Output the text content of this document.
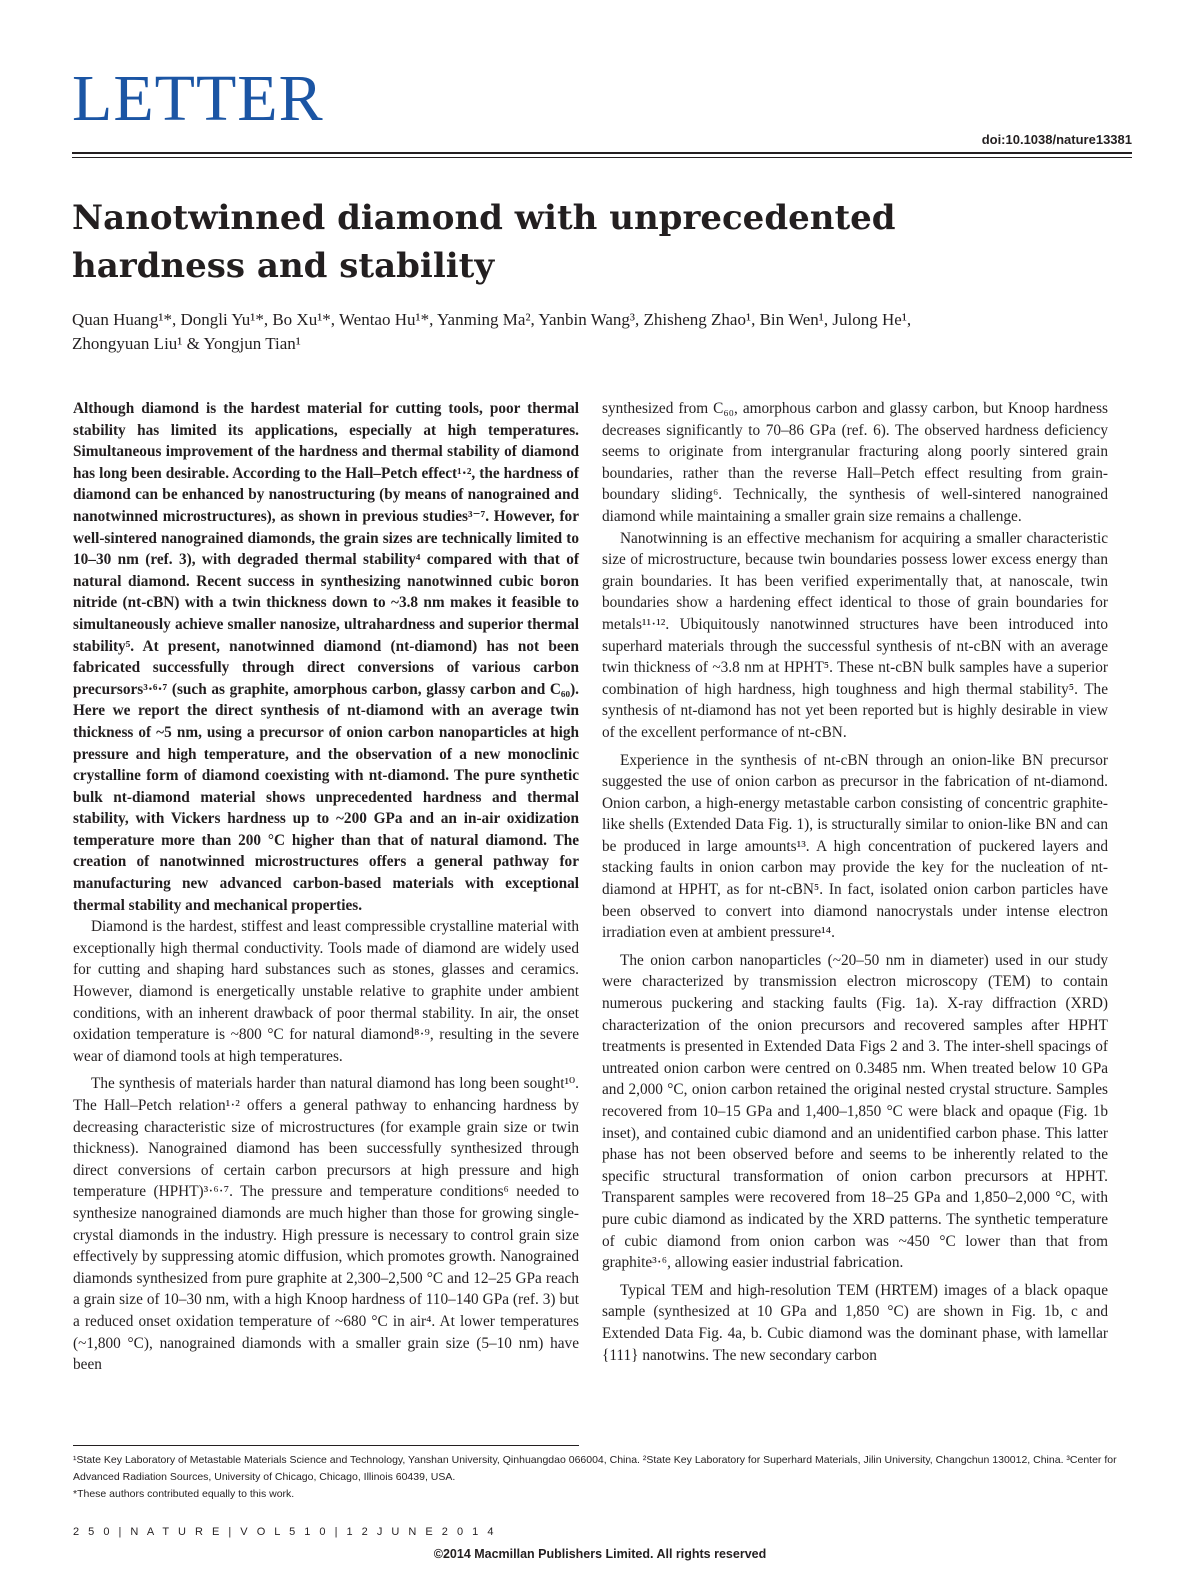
LETTER
doi:10.1038/nature13381
Nanotwinned diamond with unprecedented hardness and stability
Quan Huang¹*, Dongli Yu¹*, Bo Xu¹*, Wentao Hu¹*, Yanming Ma², Yanbin Wang³, Zhisheng Zhao¹, Bin Wen¹, Julong He¹,
Zhongyuan Liu¹ & Yongjun Tian¹

Although diamond is the hardest material for cutting tools, poor thermal stability has limited its applications, especially at high temperatures. Simultaneous improvement of the hardness and thermal stability of diamond has long been desirable. According to the Hall–Petch effect¹·², the hardness of diamond can be enhanced by nanostructuring (by means of nanograined and nanotwinned microstructures), as shown in previous studies³⁻⁷. However, for well-sintered nanograined diamonds, the grain sizes are technically limited to 10–30 nm (ref. 3), with degraded thermal stability⁴ compared with that of natural diamond. Recent success in synthesizing nanotwinned cubic boron nitride (nt-cBN) with a twin thickness down to ~3.8 nm makes it feasible to simultaneously achieve smaller nanosize, ultrahardness and superior thermal stability⁵. At present, nanotwinned diamond (nt-diamond) has not been fabricated successfully through direct conversions of various carbon precursors³·⁶·⁷ (such as graphite, amorphous carbon, glassy carbon and C₆₀). Here we report the direct synthesis of nt-diamond with an average twin thickness of ~5 nm, using a precursor of onion carbon nanoparticles at high pressure and high temperature, and the observation of a new monoclinic crystalline form of diamond coexisting with nt-diamond. The pure synthetic bulk nt-diamond material shows unprecedented hardness and thermal stability, with Vickers hardness up to ~200 GPa and an in-air oxidization temperature more than 200 °C higher than that of natural diamond. The creation of nanotwinned microstructures offers a general pathway for manufacturing new advanced carbon-based materials with exceptional thermal stability and mechanical properties.

Diamond is the hardest, stiffest and least compressible crystalline material with exceptionally high thermal conductivity. Tools made of diamond are widely used for cutting and shaping hard substances such as stones, glasses and ceramics. However, diamond is energetically unstable relative to graphite under ambient conditions, with an inherent drawback of poor thermal stability. In air, the onset oxidation temperature is ~800 °C for natural diamond⁸·⁹, resulting in the severe wear of diamond tools at high temperatures.

The synthesis of materials harder than natural diamond has long been sought¹⁰. The Hall–Petch relation¹·² offers a general pathway to enhancing hardness by decreasing characteristic size of microstructures (for example grain size or twin thickness). Nanograined diamond has been successfully synthesized through direct conversions of certain carbon precursors at high pressure and high temperature (HPHT)³·⁶·⁷. The pressure and temperature conditions⁶ needed to synthesize nanograined diamonds are much higher than those for growing single-crystal diamonds in the industry. High pressure is necessary to control grain size effectively by suppressing atomic diffusion, which promotes growth. Nanograined diamonds synthesized from pure graphite at 2,300–2,500 °C and 12–25 GPa reach a grain size of 10–30 nm, with a high Knoop hardness of 110–140 GPa (ref. 3) but a reduced onset oxidation temperature of ~680 °C in air⁴. At lower temperatures (~1,800 °C), nanograined diamonds with a smaller grain size (5–10 nm) have been

synthesized from C₆₀, amorphous carbon and glassy carbon, but Knoop hardness decreases significantly to 70–86 GPa (ref. 6). The observed hardness deficiency seems to originate from intergranular fracturing along poorly sintered grain boundaries, rather than the reverse Hall–Petch effect resulting from grain-boundary sliding⁶. Technically, the synthesis of well-sintered nanograined diamond while maintaining a smaller grain size remains a challenge.

Nanotwinning is an effective mechanism for acquiring a smaller characteristic size of microstructure, because twin boundaries possess lower excess energy than grain boundaries. It has been verified experimentally that, at nanoscale, twin boundaries show a hardening effect identical to those of grain boundaries for metals¹¹·¹². Ubiquitously nanotwinned structures have been introduced into superhard materials through the successful synthesis of nt-cBN with an average twin thickness of ~3.8 nm at HPHT⁵. These nt-cBN bulk samples have a superior combination of high hardness, high toughness and high thermal stability⁵. The synthesis of nt-diamond has not yet been reported but is highly desirable in view of the excellent performance of nt-cBN.

Experience in the synthesis of nt-cBN through an onion-like BN precursor suggested the use of onion carbon as precursor in the fabrication of nt-diamond. Onion carbon, a high-energy metastable carbon consisting of concentric graphite-like shells (Extended Data Fig. 1), is structurally similar to onion-like BN and can be produced in large amounts¹³. A high concentration of puckered layers and stacking faults in onion carbon may provide the key for the nucleation of nt-diamond at HPHT, as for nt-cBN⁵. In fact, isolated onion carbon particles have been observed to convert into diamond nanocrystals under intense electron irradiation even at ambient pressure¹⁴.

The onion carbon nanoparticles (~20–50 nm in diameter) used in our study were characterized by transmission electron microscopy (TEM) to contain numerous puckering and stacking faults (Fig. 1a). X-ray diffraction (XRD) characterization of the onion precursors and recovered samples after HPHT treatments is presented in Extended Data Figs 2 and 3. The inter-shell spacings of untreated onion carbon were centred on 0.3485 nm. When treated below 10 GPa and 2,000 °C, onion carbon retained the original nested crystal structure. Samples recovered from 10–15 GPa and 1,400–1,850 °C were black and opaque (Fig. 1b inset), and contained cubic diamond and an unidentified carbon phase. This latter phase has not been observed before and seems to be inherently related to the specific structural transformation of onion carbon precursors at HPHT. Transparent samples were recovered from 18–25 GPa and 1,850–2,000 °C, with pure cubic diamond as indicated by the XRD patterns. The synthetic temperature of cubic diamond from onion carbon was ~450 °C lower than that from graphite³·⁶, allowing easier industrial fabrication.

Typical TEM and high-resolution TEM (HRTEM) images of a black opaque sample (synthesized at 10 GPa and 1,850 °C) are shown in Fig. 1b, c and Extended Data Fig. 4a, b. Cubic diamond was the dominant phase, with lamellar {111} nanotwins. The new secondary carbon

¹State Key Laboratory of Metastable Materials Science and Technology, Yanshan University, Qinhuangdao 066004, China. ²State Key Laboratory for Superhard Materials, Jilin University, Changchun 130012, China. ³Center for Advanced Radiation Sources, University of Chicago, Chicago, Illinois 60439, USA.

*These authors contributed equally to this work.

2 5 0 | N A T U R E | V O L 5 1 0 | 1 2 J U N E 2 0 1 4
©2014 Macmillan Publishers Limited. All rights reserved
